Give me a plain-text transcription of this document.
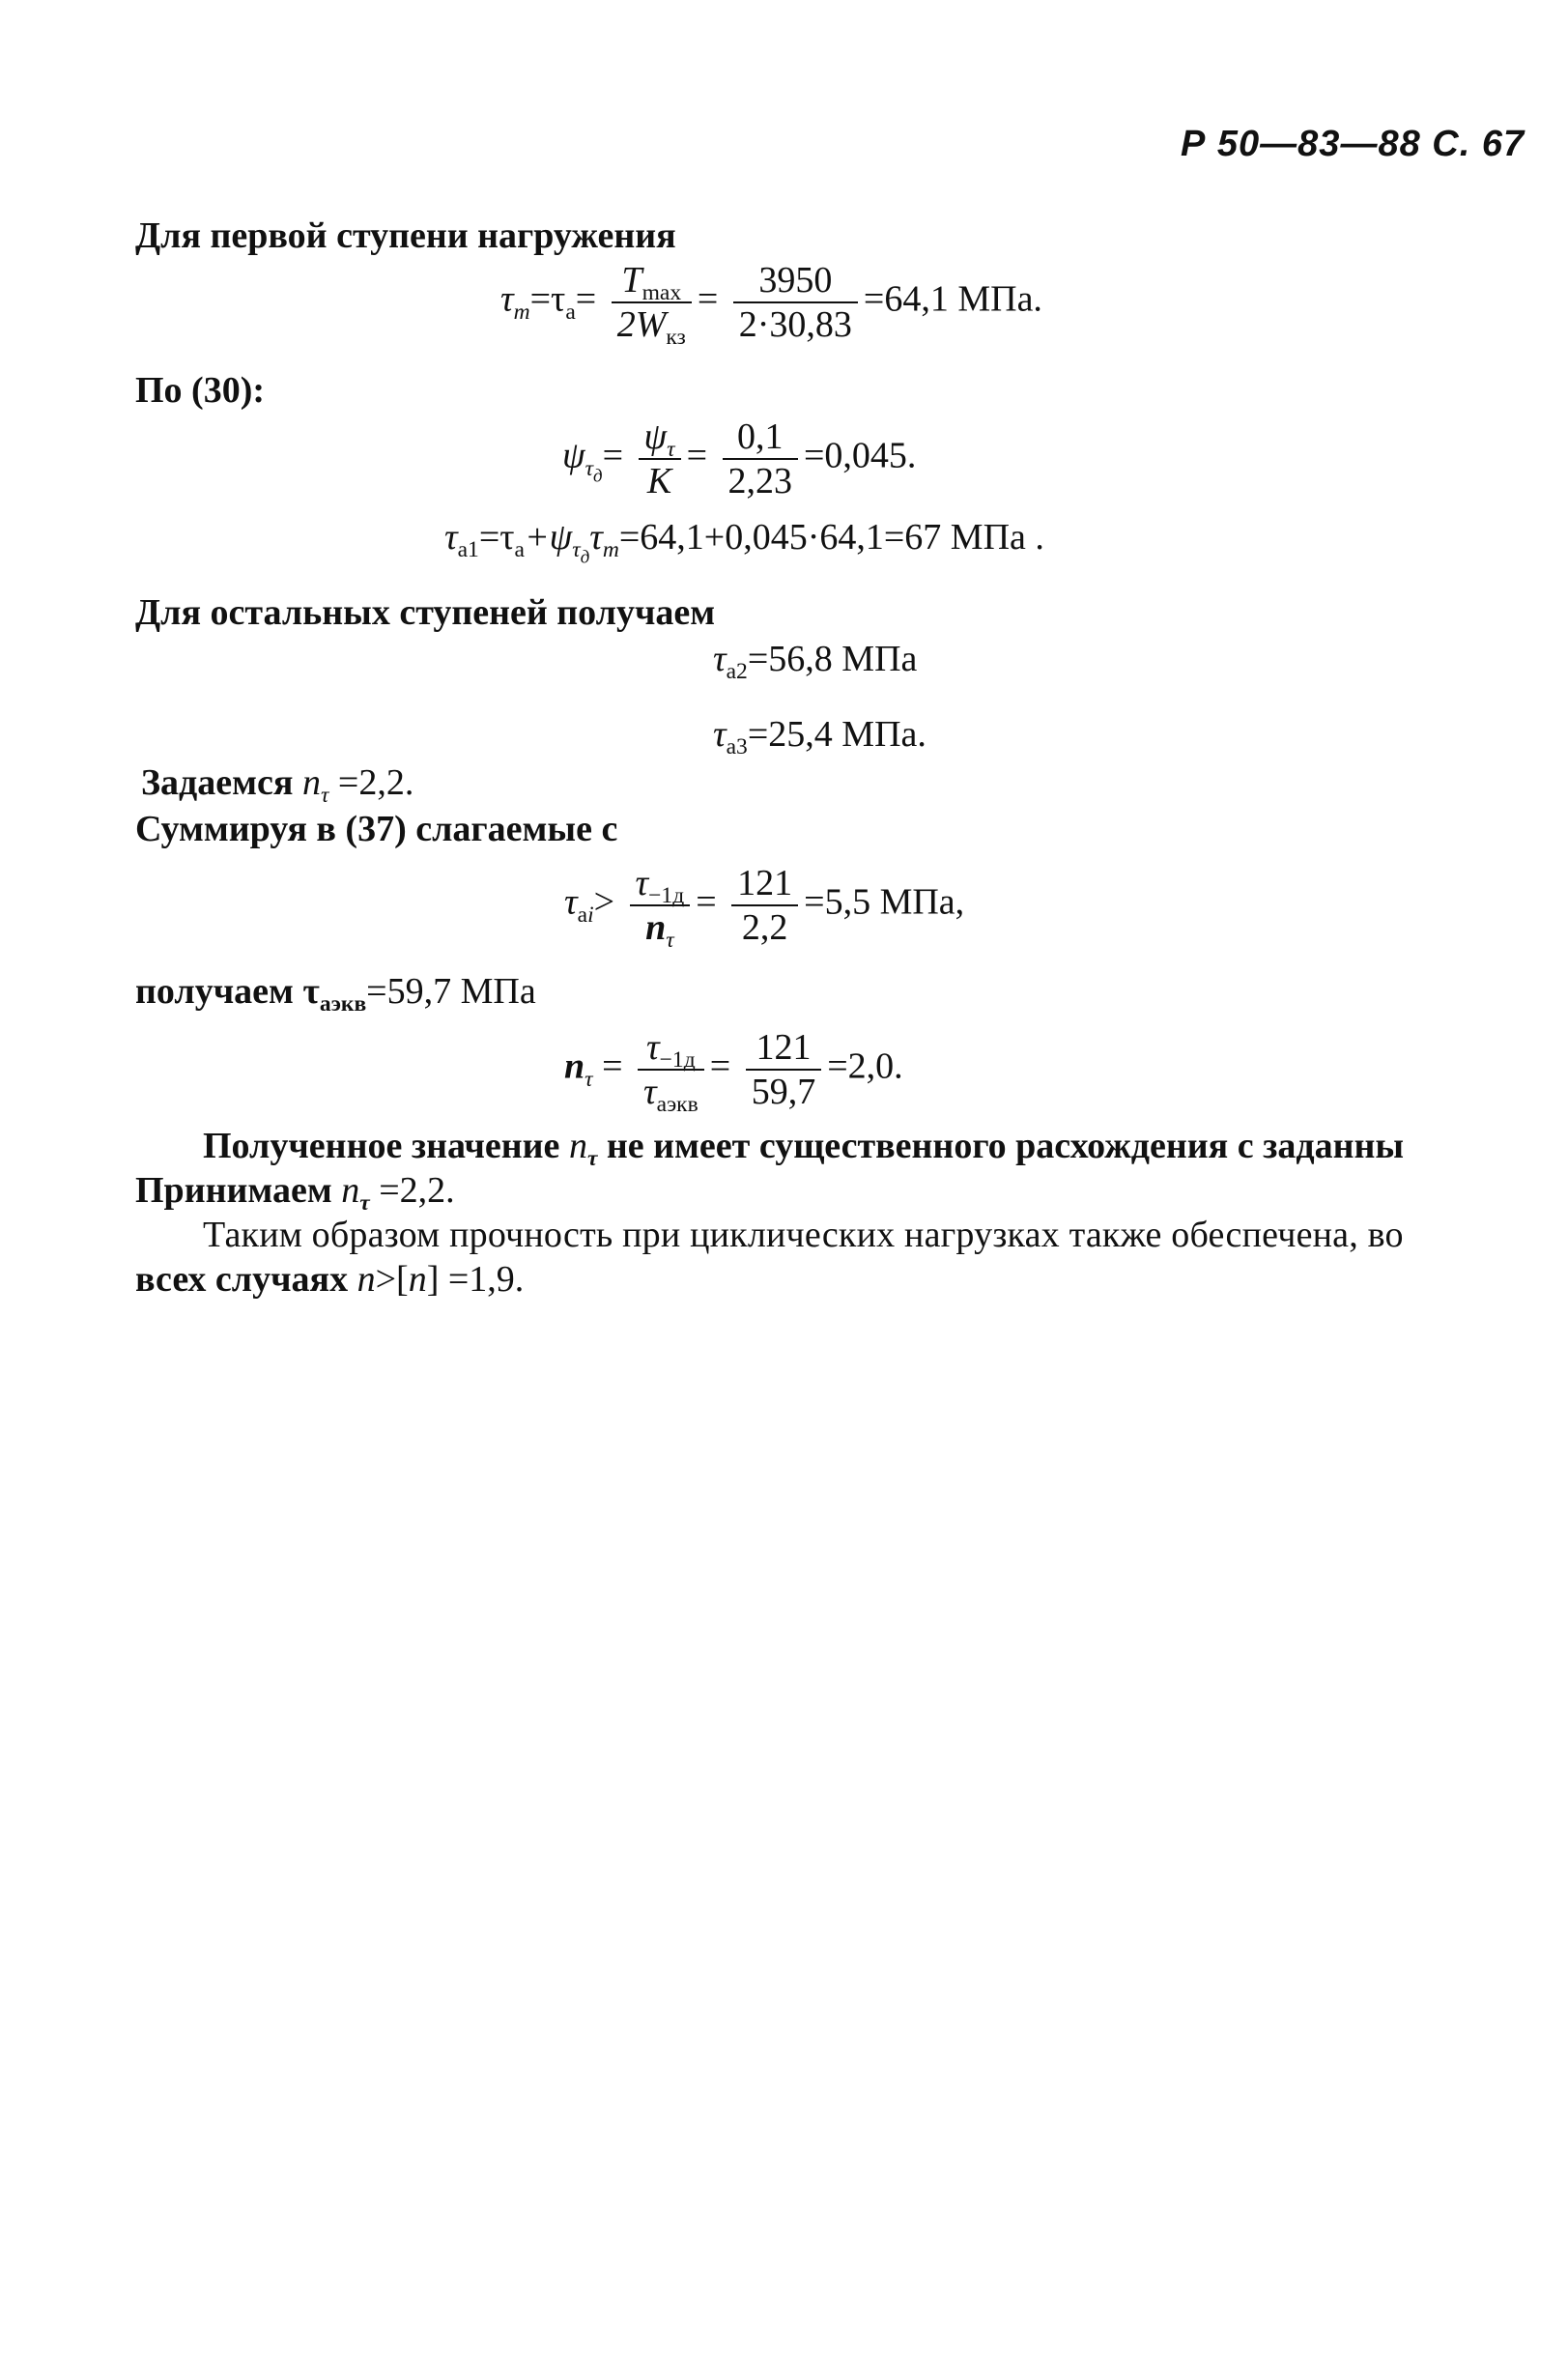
Р 50—83—88 С. 67
Для первой ступени нагружения
$\tau_m=\tau_a= \frac{T_{max}}{2W_{кз}} = \frac{3950}{2\cdot 30,83} =64,1$ МПа.
По (30):
$\psi_{\tau_д}= \frac{\psi_\tau}{K} = \frac{0,1}{2,23} =0,045$.
$\tau_{a1}=\tau_a+\psi_{\tau_д}\tau_m=64,1+0,045\cdot 64,1=67$ МПа .
Для остальных ступеней получаем
$\tau_{a2}=56,8$ МПа
$\tau_{a3}=25,4$ МПа.
Задаемся $n_\tau =2,2$.
Суммируя в (37) слагаемые с
$\tau_{ai}> \frac{\tau_{-1д}}{n_\tau} = \frac{121}{2,2} =5,5$ МПа,
получаем $\tau_{аэкв}=59,7$ МПа
$n_\tau = \frac{\tau_{-1д}}{\tau_{аэкв}} = \frac{121}{59,7} =2,0$.
Полученное значение $n_\tau$ не имеет существенного расхождения с заданны
Принимаем $n_\tau =2,2$.
Таким образом прочность при циклических нагрузках также обеспечена, во
всех случаях n>[n] =1,9.
